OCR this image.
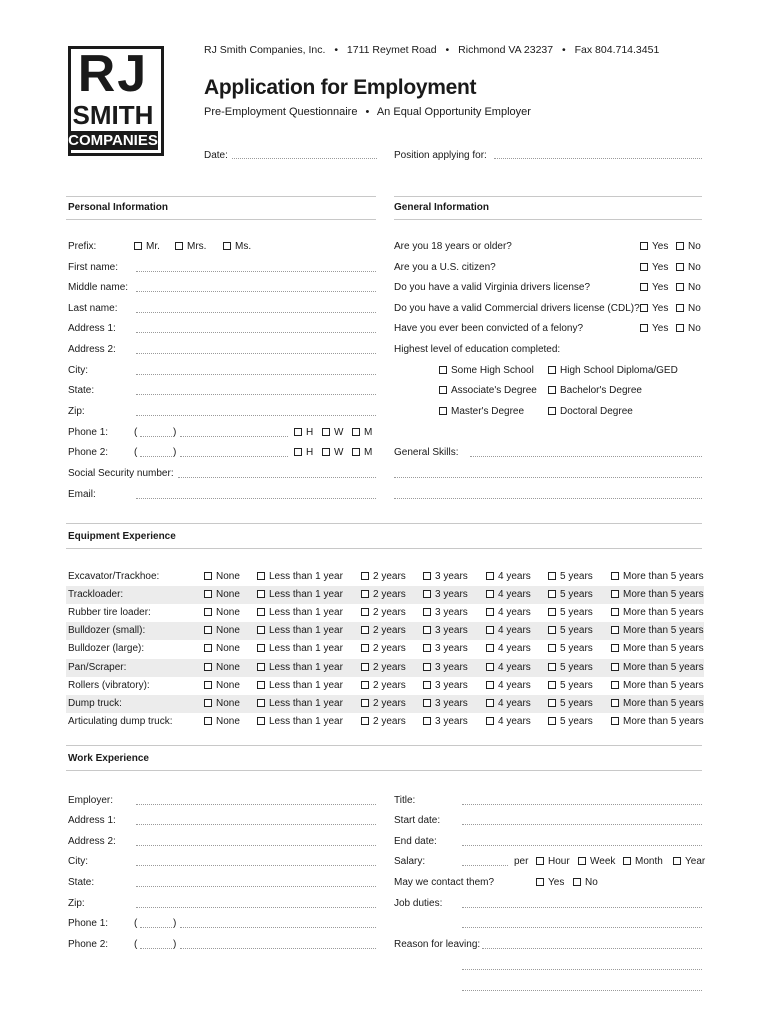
RJ
SMITH
COMPANIES
RJ Smith Companies, Inc. • 1711 Reymet Road • Richmond VA 23237 • Fax 804.714.3451
Application for Employment
Pre-Employment Questionnaire • An Equal Opportunity Employer
Date:	Position applying for:
Personal Information	General Information
Prefix:	Mr.	Mrs.	Ms.
First name:
Middle name:
Last name:
Address 1:
Address 2:
City:
State:
Zip:
Phone 1:	(	)	H	W	M
Phone 2:	(	)	H	W	M
Social Security number:
Email:
Are you 18 years or older?	Yes	No
Are you a U.S. citizen?	Yes	No
Do you have a valid Virginia drivers license?	Yes	No
Do you have a valid Commercial drivers license (CDL)?	Yes	No
Have you ever been convicted of a felony?	Yes	No
Highest level of education completed:
Some High School	High School Diploma/GED
Associate's Degree	Bachelor's Degree
Master's Degree	Doctoral Degree
General Skills:
Equipment Experience
Excavator/Trackhoe:	None	Less than 1 year	2 years	3 years	4 years	5 years	More than 5 years
Trackloader:	None	Less than 1 year	2 years	3 years	4 years	5 years	More than 5 years
Rubber tire loader:	None	Less than 1 year	2 years	3 years	4 years	5 years	More than 5 years
Bulldozer (small):	None	Less than 1 year	2 years	3 years	4 years	5 years	More than 5 years
Bulldozer (large):	None	Less than 1 year	2 years	3 years	4 years	5 years	More than 5 years
Pan/Scraper:	None	Less than 1 year	2 years	3 years	4 years	5 years	More than 5 years
Rollers (vibratory):	None	Less than 1 year	2 years	3 years	4 years	5 years	More than 5 years
Dump truck:	None	Less than 1 year	2 years	3 years	4 years	5 years	More than 5 years
Articulating dump truck:	None	Less than 1 year	2 years	3 years	4 years	5 years	More than 5 years
Work Experience
Employer:
Address 1:
Address 2:
City:
State:
Zip:
Phone 1:	(	)
Phone 2:	(	)
Title:
Start date:
End date:
Salary:	per	Hour	Week	Month	Year
May we contact them?	Yes	No
Job duties:
Reason for leaving:
